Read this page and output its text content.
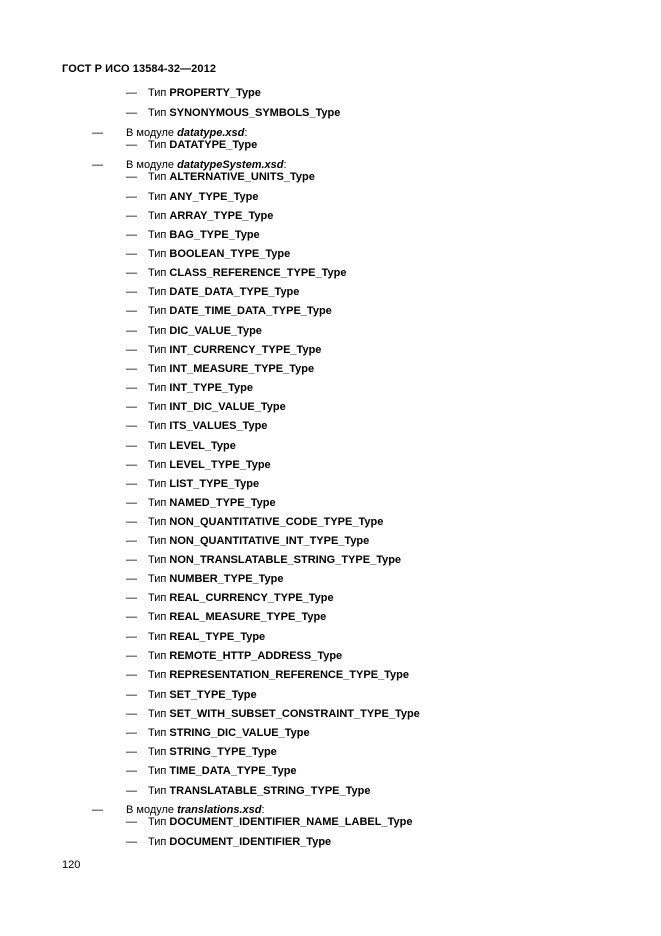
ГОСТ Р ИСО 13584-32—2012
— Тип PROPERTY_Type
— Тип SYNONYMOUS_SYMBOLS_Type
— В модуле datatype.xsd:
— Тип DATATYPE_Type
— В модуле datatypeSystem.xsd:
— Тип ALTERNATIVE_UNITS_Type
— Тип ANY_TYPE_Type
— Тип ARRAY_TYPE_Type
— Тип BAG_TYPE_Type
— Тип BOOLEAN_TYPE_Type
— Тип CLASS_REFERENCE_TYPE_Type
— Тип DATE_DATA_TYPE_Type
— Тип DATE_TIME_DATA_TYPE_Type
— Тип DIC_VALUE_Type
— Тип INT_CURRENCY_TYPE_Type
— Тип INT_MEASURE_TYPE_Type
— Тип INT_TYPE_Type
— Тип INT_DIC_VALUE_Type
— Тип ITS_VALUES_Type
— Тип LEVEL_Type
— Тип LEVEL_TYPE_Type
— Тип LIST_TYPE_Type
— Тип NAMED_TYPE_Type
— Тип NON_QUANTITATIVE_CODE_TYPE_Type
— Тип NON_QUANTITATIVE_INT_TYPE_Type
— Тип NON_TRANSLATABLE_STRING_TYPE_Type
— Тип NUMBER_TYPE_Type
— Тип REAL_CURRENCY_TYPE_Type
— Тип REAL_MEASURE_TYPE_Type
— Тип REAL_TYPE_Type
— Тип REMOTE_HTTP_ADDRESS_Type
— Тип REPRESENTATION_REFERENCE_TYPE_Type
— Тип SET_TYPE_Type
— Тип SET_WITH_SUBSET_CONSTRAINT_TYPE_Type
— Тип STRING_DIC_VALUE_Type
— Тип STRING_TYPE_Type
— Тип TIME_DATA_TYPE_Type
— Тип TRANSLATABLE_STRING_TYPE_Type
— В модуле translations.xsd:
— Тип DOCUMENT_IDENTIFIER_NAME_LABEL_Type
— Тип DOCUMENT_IDENTIFIER_Type
120
